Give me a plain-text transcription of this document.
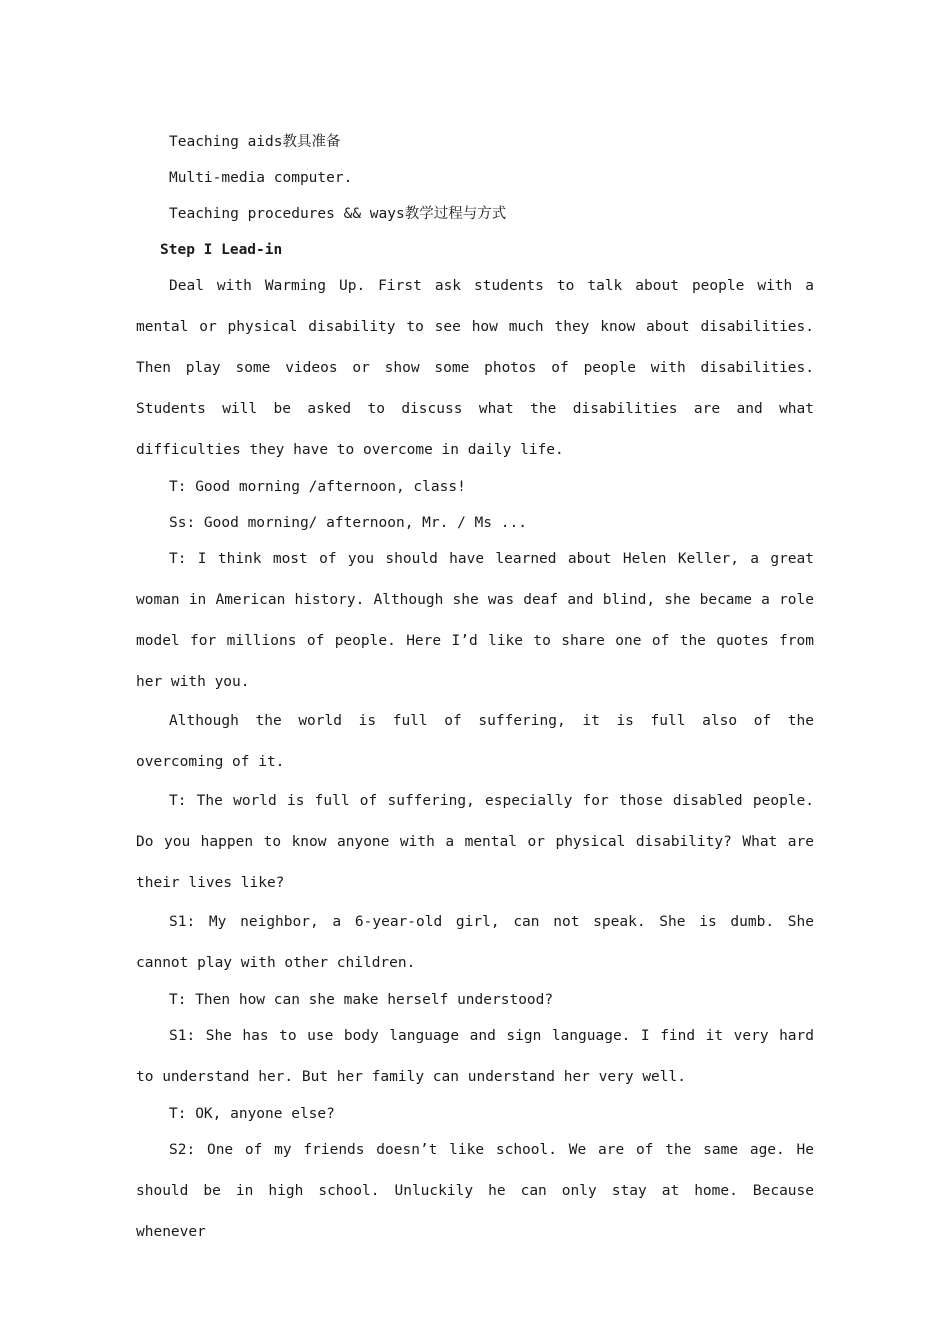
Teaching aids教具准备
Multi-media computer.
Teaching procedures && ways教学过程与方式
Step I Lead-in
Deal with Warming Up. First ask students to talk about people with a mental or physical disability to see how much they know about disabilities. Then play some videos or show some photos of people with disabilities. Students will be asked to discuss what the disabilities are and what difficulties they have to overcome in daily life.
T: Good morning /afternoon, class!
Ss: Good morning/ afternoon, Mr. / Ms ...
T: I think most of you should have learned about Helen Keller, a great woman in American history. Although she was deaf and blind, she became a role model for millions of people. Here I’d like to share one of the quotes from her with you.
Although the world is full of suffering, it is full also of the overcoming of it.
T: The world is full of suffering, especially for those disabled people. Do you happen to know anyone with a mental or physical disability? What are their lives like?
S1: My neighbor, a 6-year-old girl, can not speak. She is dumb. She cannot play with other children.
T: Then how can she make herself understood?
S1: She has to use body language and sign language. I find it very hard to understand her. But her family can understand her very well.
T: OK, anyone else?
S2: One of my friends doesn’t like school. We are of the same age. He should be in high school. Unluckily he can only stay at home. Because whenever
